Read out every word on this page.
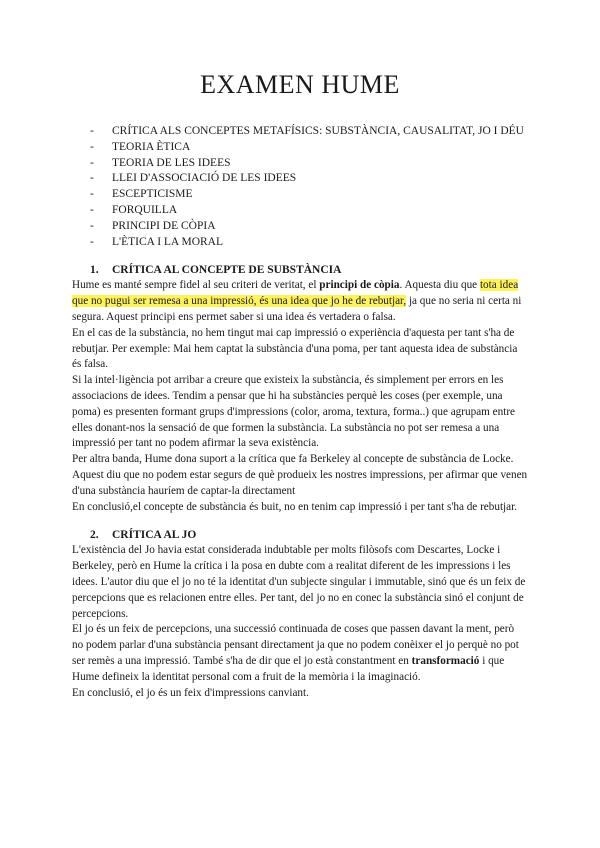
EXAMEN HUME
- CRÍTICA ALS CONCEPTES METAFÍSICS: SUBSTÀNCIA, CAUSALITAT, JO I DÉU
- TEORIA ÈTICA
- TEORIA DE LES IDEES
- LLEI D'ASSOCIACIÓ DE LES IDEES
- ESCEPTICISME
- FORQUILLA
- PRINCIPI DE CÒPIA
- L'ÈTICA I LA MORAL
1. CRÍTICA AL CONCEPTE DE SUBSTÀNCIA

Hume es manté sempre fidel al seu criteri de veritat, el principi de còpia. Aquesta diu que tota idea que no pugui ser remesa a una impressió, és una idea que jo he de rebutjar, ja que no seria ni certa ni segura. Aquest principi ens permet saber si una idea és vertadera o falsa.

En el cas de la substància, no hem tingut mai cap impressió o experiència d'aquesta per tant s'ha de rebutjar. Per exemple: Mai hem captat la substància d'una poma, per tant aquesta idea de substància és falsa.

Si la intel·ligència pot arribar a creure que existeix la substància, és simplement per errors en les associacions de idees. Tendim a pensar que hi ha substàncies perquè les coses (per exemple, una poma) es presenten formant grups d'impressions (color, aroma, textura, forma..) que agrupam entre elles donant-nos la sensació de que formen la substància. La substància no pot ser remesa a una impressió per tant no podem afirmar la seva existència.

Per altra banda, Hume dona suport a la crítica que fa Berkeley al concepte de substància de Locke. Aquest diu que no podem estar segurs de què produeix les nostres impressions, per afirmar que venen d'una substància hauríem de captar-la directament

En conclusió,el concepte de substància és buit, no en tenim cap impressió i per tant s'ha de rebutjar.

2. CRÍTICA AL JO

L'existència del Jo havia estat considerada indubtable per molts filòsofs com Descartes, Locke i Berkeley, però en Hume la crítica i la posa en dubte com a realitat diferent de les impressions i les idees. L'autor diu que el jo no té la identitat d'un subjecte singular i immutable, sinó que és un feix de percepcions que es relacionen entre elles. Per tant, del jo no en conec la substància sinó el conjunt de percepcions.

El jo és un feix de percepcions, una successió continuada de coses que passen davant la ment, però no podem parlar d'una substància pensant directament ja que no podem conèixer el jo perquè no pot ser remès a una impressió. També s'ha de dir que el jo està constantment en transformació i que Hume defineix la identitat personal com a fruit de la memòria i la imaginació.

En conclusió, el jo és un feix d'impressions canviant.
